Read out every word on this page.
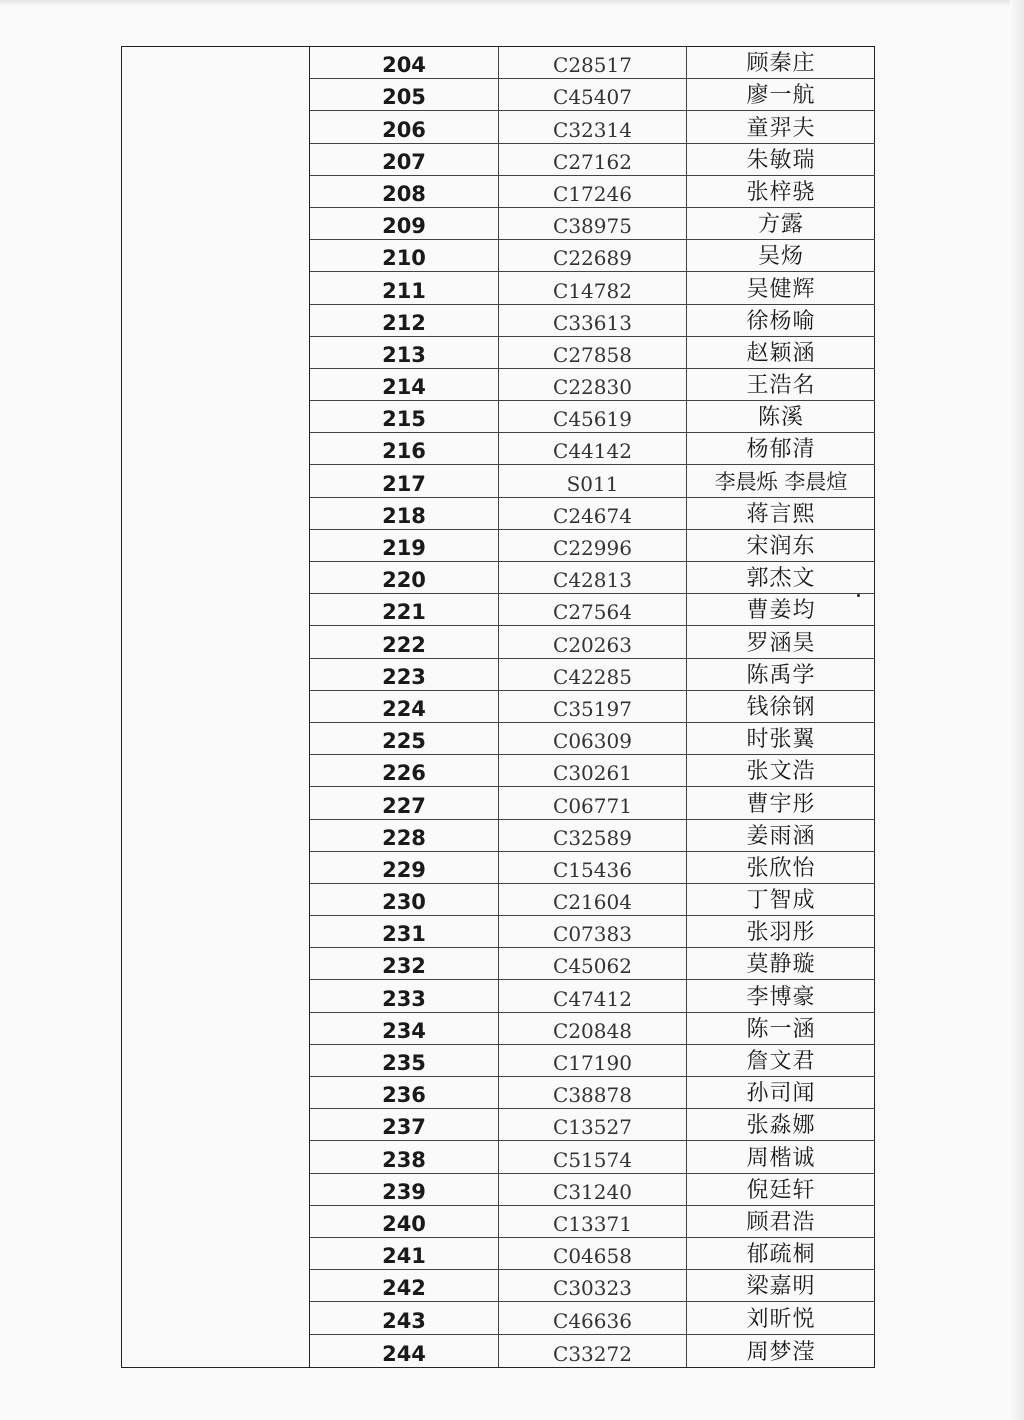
204	C28517	顾秦庄
205	C45407	廖一航
206	C32314	童羿夫
207	C27162	朱敏瑞
208	C17246	张梓骁
209	C38975	方露
210	C22689	吴炀
211	C14782	吴健辉
212	C33613	徐杨喻
213	C27858	赵颖涵
214	C22830	王浩名
215	C45619	陈溪
216	C44142	杨郁清
217	S011	李晨烁 李晨煊
218	C24674	蒋言熙
219	C22996	宋润东
220	C42813	郭杰文
221	C27564	曹姜均
222	C20263	罗涵昊
223	C42285	陈禹学
224	C35197	钱徐钢
225	C06309	时张翼
226	C30261	张文浩
227	C06771	曹宇彤
228	C32589	姜雨涵
229	C15436	张欣怡
230	C21604	丁智成
231	C07383	张羽彤
232	C45062	莫静璇
233	C47412	李博豪
234	C20848	陈一涵
235	C17190	詹文君
236	C38878	孙司闻
237	C13527	张淼娜
238	C51574	周楷诚
239	C31240	倪廷轩
240	C13371	顾君浩
241	C04658	郁疏桐
242	C30323	梁嘉明
243	C46636	刘昕悦
244	C33272	周梦滢
